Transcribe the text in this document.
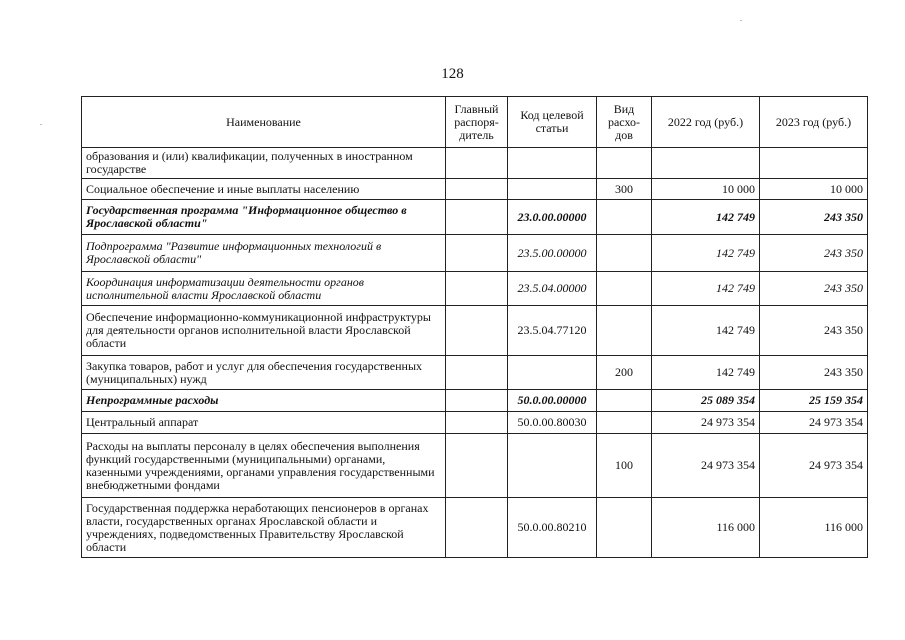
128
Наименование	Главный распоря- дитель	Код целевой статьи	Вид расхо- дов	2022 год (руб.)	2023 год (руб.)
образования и (или) квалификации, полученных в иностранном государстве					
Социальное обеспечение и иные выплаты населению			300	10 000	10 000
Государственная программа "Информационное общество в Ярославской области"		23.0.00.00000		142 749	243 350
Подпрограмма "Развитие информационных технологий в Ярославской области"		23.5.00.00000		142 749	243 350
Координация информатизации деятельности органов исполнительной власти Ярославской области		23.5.04.00000		142 749	243 350
Обеспечение информационно-коммуникационной инфраструктуры для деятельности органов исполнительной власти Ярославской области		23.5.04.77120		142 749	243 350
Закупка товаров, работ и услуг для обеспечения государственных (муниципальных) нужд			200	142 749	243 350
Непрограммные расходы		50.0.00.00000		25 089 354	25 159 354
Центральный аппарат		50.0.00.80030		24 973 354	24 973 354
Расходы на выплаты персоналу в целях обеспечения выполнения функций государственными (муниципальными) органами, казенными учреждениями, органами управления государственными внебюджетными фондами			100	24 973 354	24 973 354
Государственная поддержка неработающих пенсионеров в органах власти, государственных органах Ярославской области и учреждениях, подведомственных Правительству Ярославской области		50.0.00.80210		116 000	116 000
